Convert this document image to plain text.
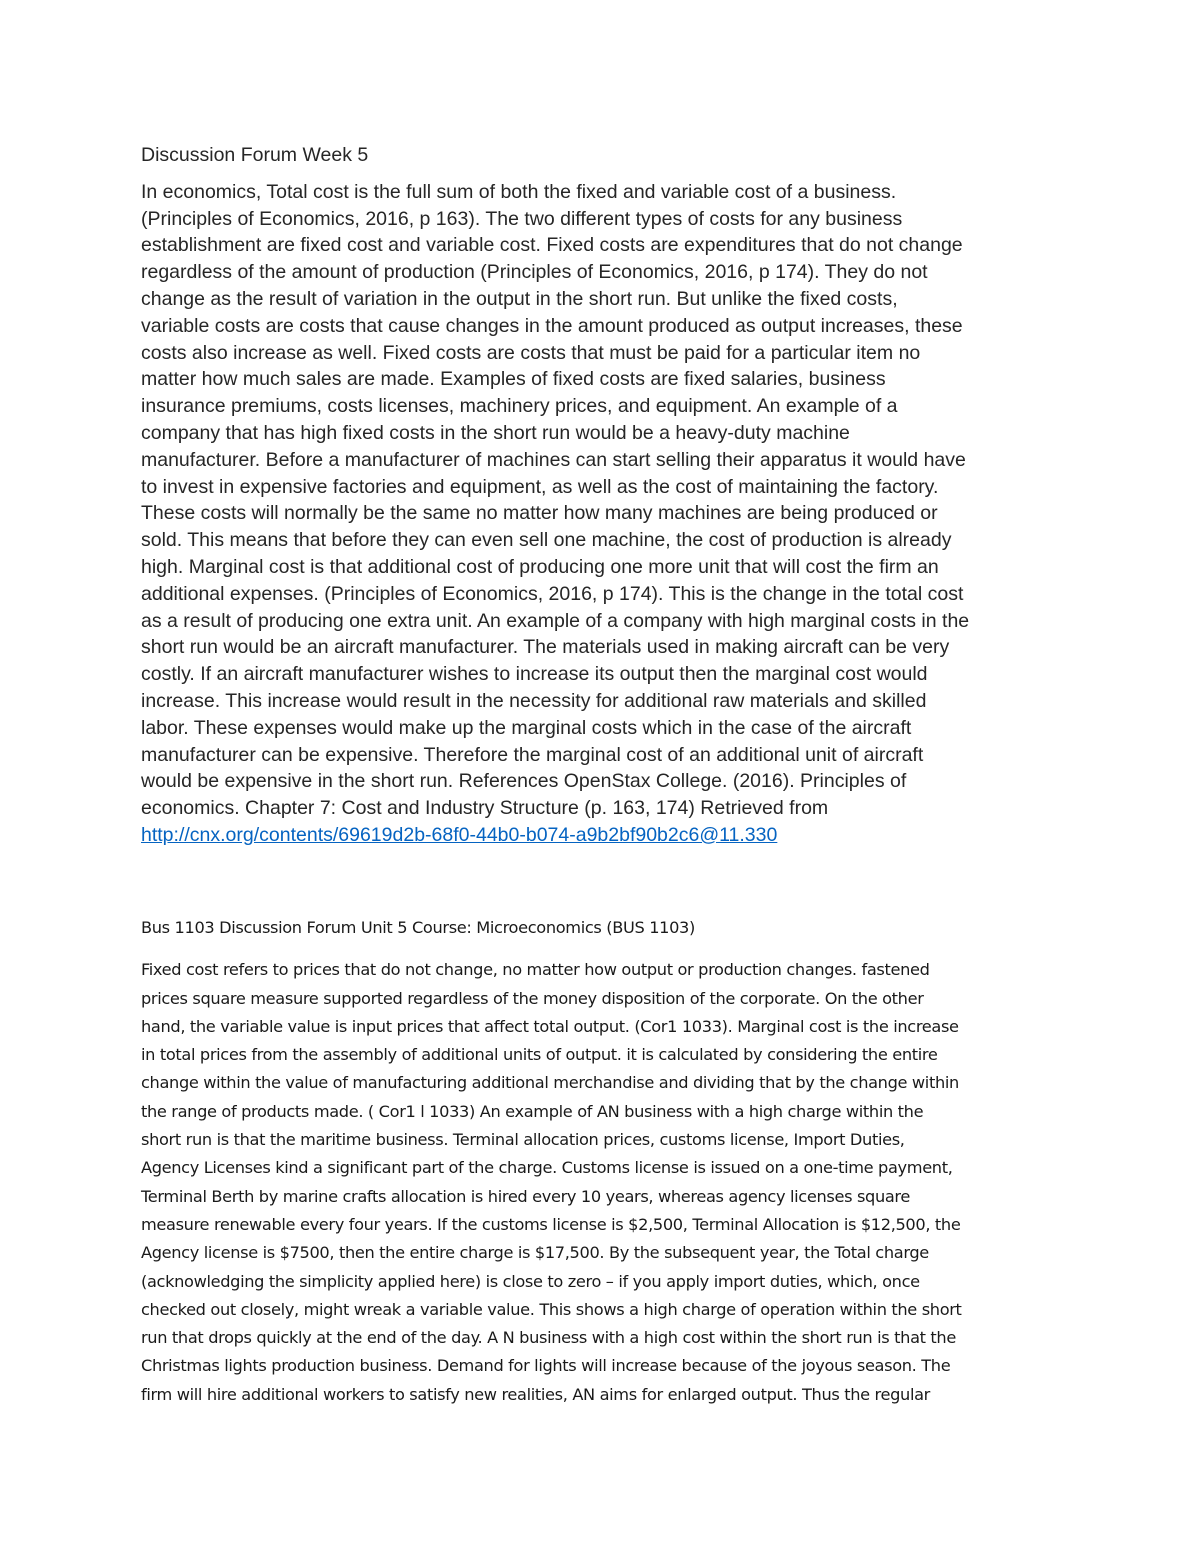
Discussion Forum Week 5
In economics, Total cost is the full sum of both the fixed and variable cost of a business.
(Principles of Economics, 2016, p 163). The two different types of costs for any business
establishment are fixed cost and variable cost. Fixed costs are expenditures that do not change
regardless of the amount of production (Principles of Economics, 2016, p 174). They do not
change as the result of variation in the output in the short run. But unlike the fixed costs,
variable costs are costs that cause changes in the amount produced as output increases, these
costs also increase as well. Fixed costs are costs that must be paid for a particular item no
matter how much sales are made. Examples of fixed costs are fixed salaries, business
insurance premiums, costs licenses, machinery prices, and equipment. An example of a
company that has high fixed costs in the short run would be a heavy-duty machine
manufacturer. Before a manufacturer of machines can start selling their apparatus it would have
to invest in expensive factories and equipment, as well as the cost of maintaining the factory.
These costs will normally be the same no matter how many machines are being produced or
sold. This means that before they can even sell one machine, the cost of production is already
high. Marginal cost is that additional cost of producing one more unit that will cost the firm an
additional expenses. (Principles of Economics, 2016, p 174). This is the change in the total cost
as a result of producing one extra unit. An example of a company with high marginal costs in the
short run would be an aircraft manufacturer. The materials used in making aircraft can be very
costly. If an aircraft manufacturer wishes to increase its output then the marginal cost would
increase. This increase would result in the necessity for additional raw materials and skilled
labor. These expenses would make up the marginal costs which in the case of the aircraft
manufacturer can be expensive. Therefore the marginal cost of an additional unit of aircraft
would be expensive in the short run. References OpenStax College. (2016). Principles of
economics. Chapter 7: Cost and Industry Structure (p. 163, 174) Retrieved from
http://cnx.org/contents/69619d2b-68f0-44b0-b074-a9b2bf90b2c6@11.330
Bus 1103 Discussion Forum Unit 5 Course: Microeconomics (BUS 1103)
Fixed cost refers to prices that do not change, no matter how output or production changes. fastened
prices square measure supported regardless of the money disposition of the corporate. On the other
hand, the variable value is input prices that affect total output. (Cor1 1033). Marginal cost is the increase
in total prices from the assembly of additional units of output. it is calculated by considering the entire
change within the value of manufacturing additional merchandise and dividing that by the change within
the range of products made. ( Cor1 l 1033) An example of AN business with a high charge within the
short run is that the maritime business. Terminal allocation prices, customs license, Import Duties,
Agency Licenses kind a significant part of the charge. Customs license is issued on a one-time payment,
Terminal Berth by marine crafts allocation is hired every 10 years, whereas agency licenses square
measure renewable every four years. If the customs license is $2,500, Terminal Allocation is $12,500, the
Agency license is $7500, then the entire charge is $17,500. By the subsequent year, the Total charge
(acknowledging the simplicity applied here) is close to zero – if you apply import duties, which, once
checked out closely, might wreak a variable value. This shows a high charge of operation within the short
run that drops quickly at the end of the day. A N business with a high cost within the short run is that the
Christmas lights production business. Demand for lights will increase because of the joyous season. The
firm will hire additional workers to satisfy new realities, AN aims for enlarged output. Thus the regular
